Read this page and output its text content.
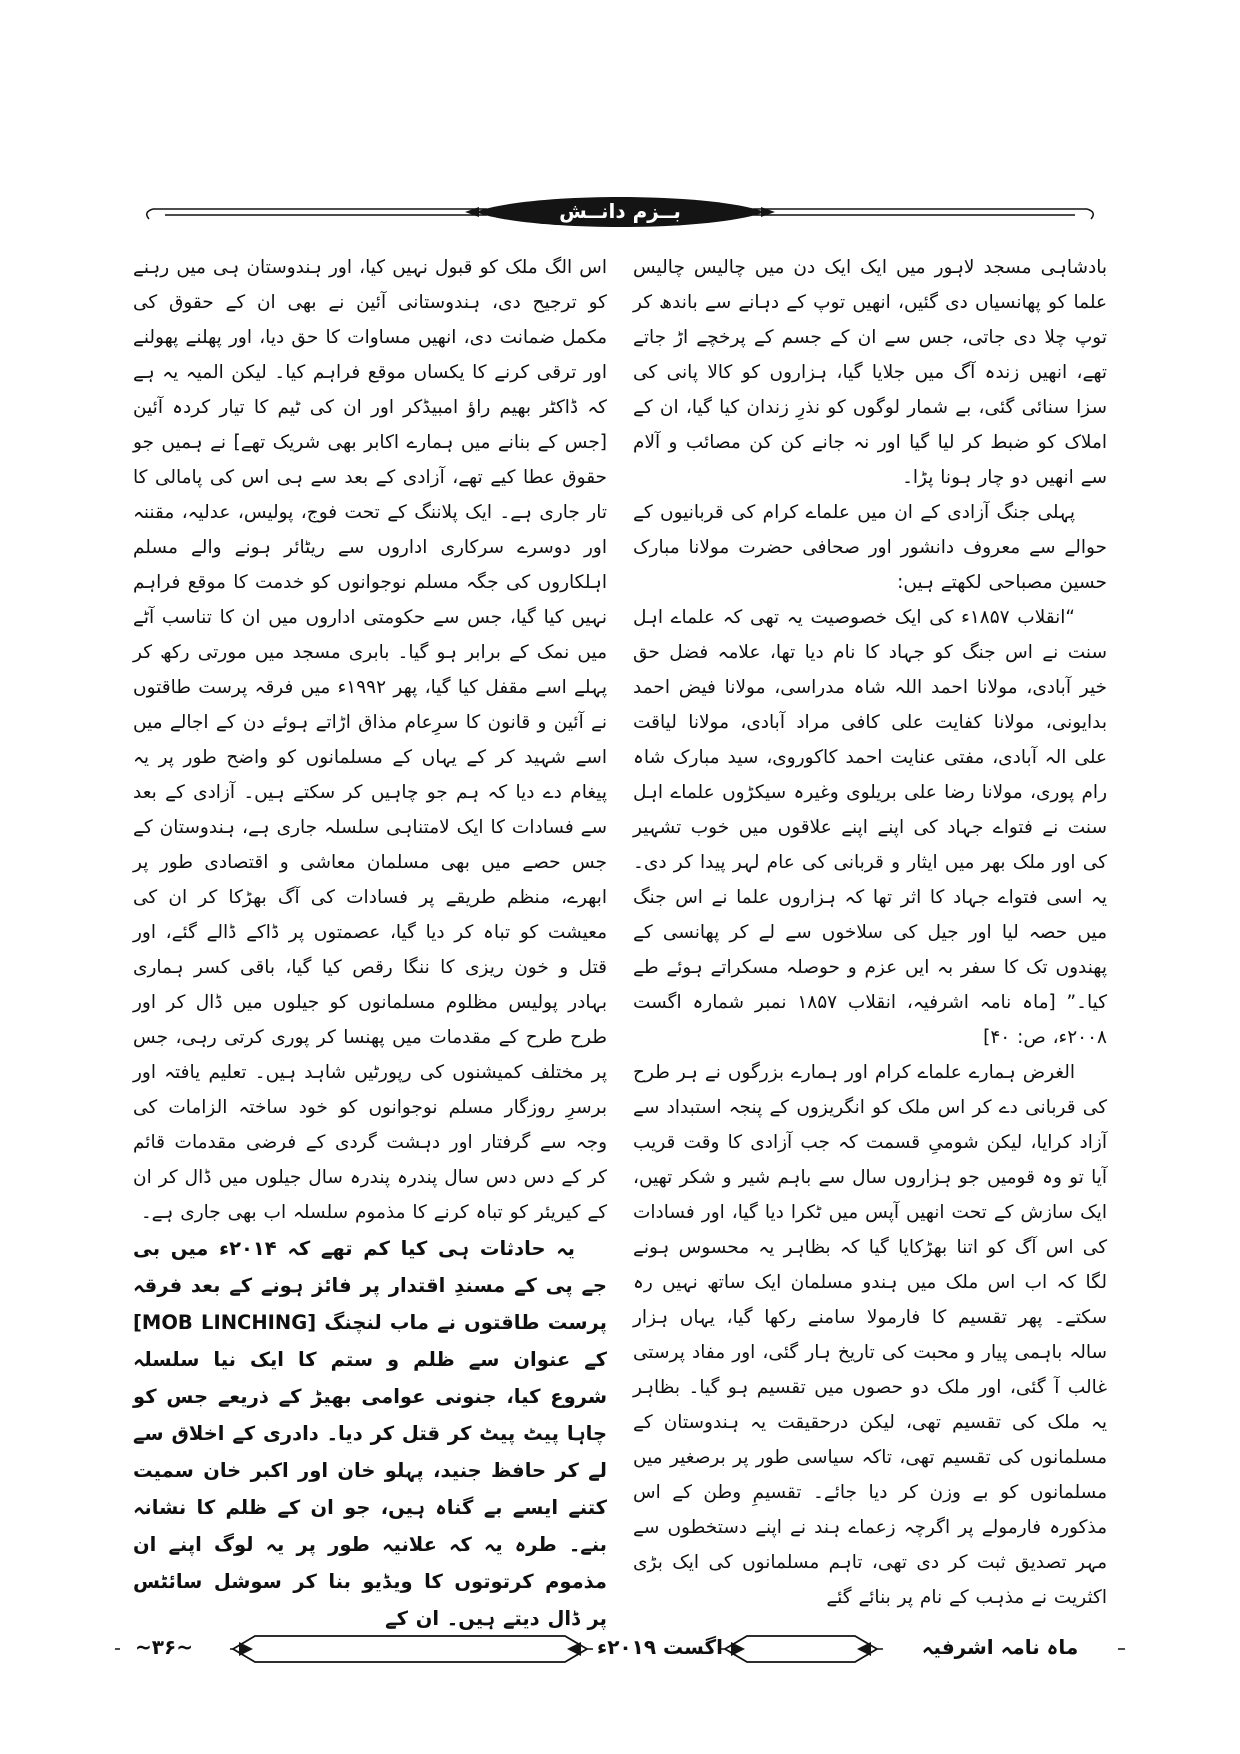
بــزم دانــش

بادشاہی مسجد لاہور میں ایک ایک دن میں چالیس چالیس علما کو پھانسیاں دی گئیں، انھیں توپ کے دہانے سے باندھ کر توپ چلا دی جاتی، جس سے ان کے جسم کے پرخچے اڑ جاتے تھے، انھیں زندہ آگ میں جلایا گیا، ہزاروں کو کالا پانی کی سزا سنائی گئی، بے شمار لوگوں کو نذرِ زندان کیا گیا، ان کے املاک کو ضبط کر لیا گیا اور نہ جانے کن کن مصائب و آلام سے انھیں دو چار ہونا پڑا۔

پہلی جنگ آزادی کے ان میں علماے کرام کی قربانیوں کے حوالے سے معروف دانشور اور صحافی حضرت مولانا مبارک حسین مصباحی لکھتے ہیں:

“انقلاب ۱۸۵۷ء کی ایک خصوصیت یہ تھی کہ علماے اہل سنت نے اس جنگ کو جہاد کا نام دیا تھا، علامہ فضل حق خیر آبادی، مولانا احمد اللہ شاہ مدراسی، مولانا فیض احمد بدایونی، مولانا کفایت علی کافی مراد آبادی، مولانا لیاقت علی الہ آبادی، مفتی عنایت احمد کاکوروی، سید مبارک شاہ رام پوری، مولانا رضا علی بریلوی وغیرہ سیکڑوں علماے اہل سنت نے فتواے جہاد کی اپنے اپنے علاقوں میں خوب تشہیر کی اور ملک بھر میں ایثار و قربانی کی عام لہر پیدا کر دی۔ یہ اسی فتواے جہاد کا اثر تھا کہ ہزاروں علما نے اس جنگ میں حصہ لیا اور جیل کی سلاخوں سے لے کر پھانسی کے پھندوں تک کا سفر بہ ایں عزم و حوصلہ مسکراتے ہوئے طے کیا۔” [ماہ نامہ اشرفیہ، انقلاب ۱۸۵۷ نمبر شمارہ اگست ۲۰۰۸ء، ص: ۴۰]

الغرض ہمارے علماے کرام اور ہمارے بزرگوں نے ہر طرح کی قربانی دے کر اس ملک کو انگریزوں کے پنجہ استبداد سے آزاد کرایا، لیکن شومیِ قسمت کہ جب آزادی کا وقت قریب آیا تو وہ قومیں جو ہزاروں سال سے باہم شیر و شکر تھیں، ایک سازش کے تحت انھیں آپس میں ٹکرا دیا گیا، اور فسادات کی اس آگ کو اتنا بھڑکایا گیا کہ بظاہر یہ محسوس ہونے لگا کہ اب اس ملک میں ہندو مسلمان ایک ساتھ نہیں رہ سکتے۔ پھر تقسیم کا فارمولا سامنے رکھا گیا، یہاں ہزار سالہ باہمی پیار و محبت کی تاریخ ہار گئی، اور مفاد پرستی غالب آ گئی، اور ملک دو حصوں میں تقسیم ہو گیا۔ بظاہر یہ ملک کی تقسیم تھی، لیکن درحقیقت یہ ہندوستان کے مسلمانوں کی تقسیم تھی، تاکہ سیاسی طور پر برصغیر میں مسلمانوں کو بے وزن کر دیا جائے۔ تقسیمِ وطن کے اس مذکورہ فارمولے پر اگرچہ زعماے ہند نے اپنے دستخطوں سے مہر تصدیق ثبت کر دی تھی، تاہم مسلمانوں کی ایک بڑی اکثریت نے مذہب کے نام پر بنائے گئے

اس الگ ملک کو قبول نہیں کیا، اور ہندوستان ہی میں رہنے کو ترجیح دی، ہندوستانی آئین نے بھی ان کے حقوق کی مکمل ضمانت دی، انھیں مساوات کا حق دیا، اور پھلنے پھولنے اور ترقی کرنے کا یکساں موقع فراہم کیا۔ لیکن المیہ یہ ہے کہ ڈاکٹر بھیم راؤ امبیڈکر اور ان کی ٹیم کا تیار کردہ آئین [جس کے بنانے میں ہمارے اکابر بھی شریک تھے] نے ہمیں جو حقوق عطا کیے تھے، آزادی کے بعد سے ہی اس کی پامالی کا تار جاری ہے۔ ایک پلاننگ کے تحت فوج، پولیس، عدلیہ، مقننہ اور دوسرے سرکاری اداروں سے ریٹائر ہونے والے مسلم اہلکاروں کی جگہ مسلم نوجوانوں کو خدمت کا موقع فراہم نہیں کیا گیا، جس سے حکومتی اداروں میں ان کا تناسب آٹے میں نمک کے برابر ہو گیا۔ بابری مسجد میں مورتی رکھ کر پہلے اسے مقفل کیا گیا، پھر ۱۹۹۲ء میں فرقہ پرست طاقتوں نے آئین و قانون کا سرِعام مذاق اڑاتے ہوئے دن کے اجالے میں اسے شہید کر کے یہاں کے مسلمانوں کو واضح طور پر یہ پیغام دے دیا کہ ہم جو چاہیں کر سکتے ہیں۔ آزادی کے بعد سے فسادات کا ایک لامتناہی سلسلہ جاری ہے، ہندوستان کے جس حصے میں بھی مسلمان معاشی و اقتصادی طور پر ابھرے، منظم طریقے پر فسادات کی آگ بھڑکا کر ان کی معیشت کو تباہ کر دیا گیا، عصمتوں پر ڈاکے ڈالے گئے، اور قتل و خون ریزی کا ننگا رقص کیا گیا، باقی کسر ہماری بہادر پولیس مظلوم مسلمانوں کو جیلوں میں ڈال کر اور طرح طرح کے مقدمات میں پھنسا کر پوری کرتی رہی، جس پر مختلف کمیشنوں کی رپورٹیں شاہد ہیں۔ تعلیم یافتہ اور برسرِ روزگار مسلم نوجوانوں کو خود ساختہ الزامات کی وجہ سے گرفتار اور دہشت گردی کے فرضی مقدمات قائم کر کے دس دس سال پندرہ پندرہ سال جیلوں میں ڈال کر ان کے کیریئر کو تباہ کرنے کا مذموم سلسلہ اب بھی جاری ہے۔

یہ حادثات ہی کیا کم تھے کہ ۲۰۱۴ء میں بی جے پی کے مسندِ اقتدار پر فائز ہونے کے بعد فرقہ پرست طاقتوں نے ماب لنچنگ [MOB LINCHING] کے عنوان سے ظلم و ستم کا ایک نیا سلسلہ شروع کیا، جنونی عوامی بھیڑ کے ذریعے جس کو چاہا پیٹ پیٹ کر قتل کر دیا۔ دادری کے اخلاق سے لے کر حافظ جنید، پہلو خان اور اکبر خان سمیت کتنے ایسے بے گناہ ہیں، جو ان کے ظلم کا نشانہ بنے۔ طرہ یہ کہ علانیہ طور پر یہ لوگ اپنے ان مذموم کرتوتوں کا ویڈیو بنا کر سوشل سائٹس پر ڈال دیتے ہیں۔ ان کے

~۳۶~	اگست ۲۰۱۹ء	ماہ نامہ اشرفیہ
